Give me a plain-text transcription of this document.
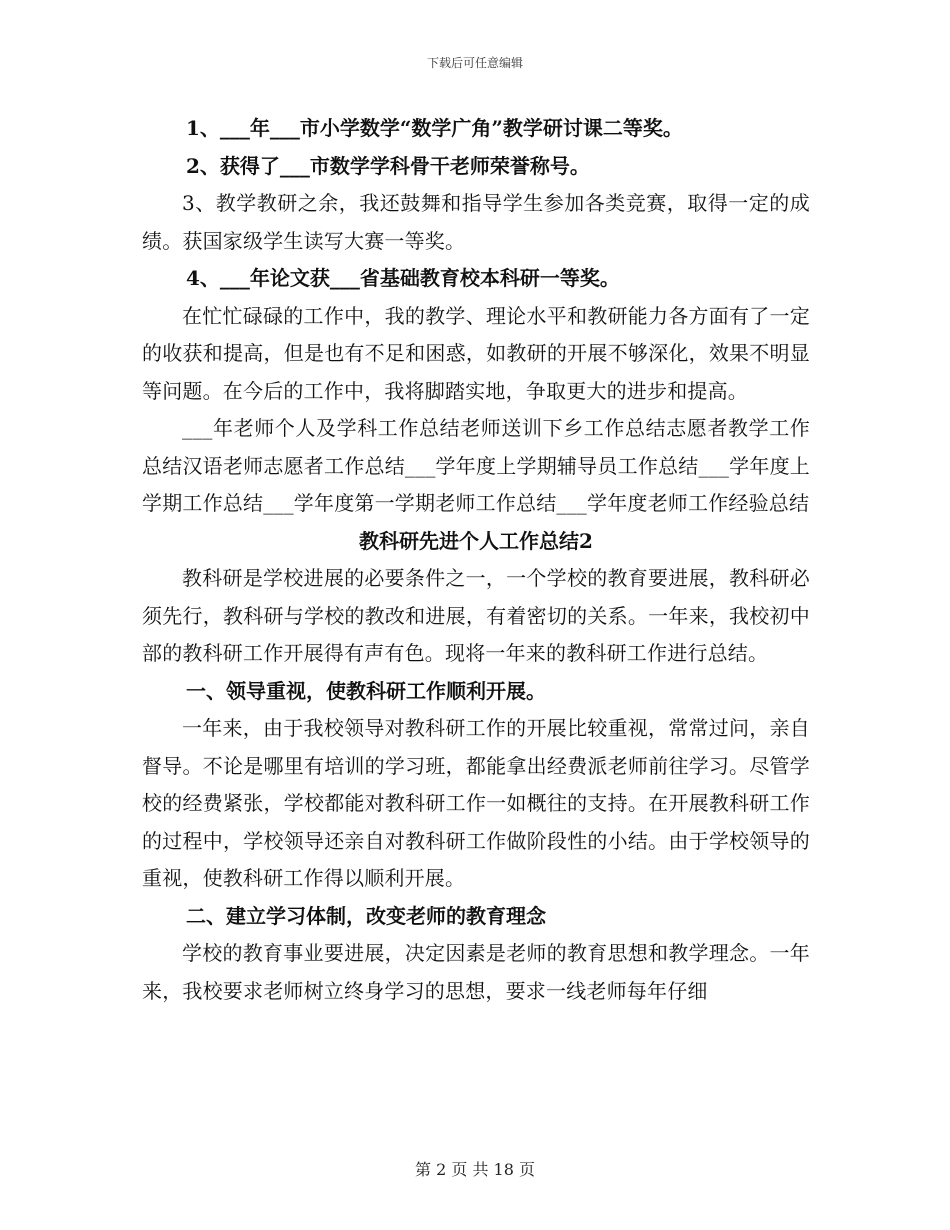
下载后可任意编辑
1、___年___市小学数学“数学广角”教学研讨课二等奖。
2、获得了___市数学学科骨干老师荣誉称号。

3、教学教研之余，我还鼓舞和指导学生参加各类竞赛，取得一定的成绩。获国家级学生读写大赛一等奖。

4、___年论文获___省基础教育校本科研一等奖。

在忙忙碌碌的工作中，我的教学、理论水平和教研能力各方面有了一定的收获和提高，但是也有不足和困惑，如教研的开展不够深化，效果不明显等问题。在今后的工作中，我将脚踏实地，争取更大的进步和提高。

___年老师个人及学科工作总结老师送训下乡工作总结志愿者教学工作总结汉语老师志愿者工作总结___学年度上学期辅导员工作总结___学年度上学期工作总结___学年度第一学期老师工作总结___学年度老师工作经验总结

教科研先进个人工作总结2

教科研是学校进展的必要条件之一，一个学校的教育要进展，教科研必须先行，教科研与学校的教改和进展，有着密切的关系。一年来，我校初中部的教科研工作开展得有声有色。现将一年来的教科研工作进行总结。

一、领导重视，使教科研工作顺利开展。

一年来，由于我校领导对教科研工作的开展比较重视，常常过问，亲自督导。不论是哪里有培训的学习班，都能拿出经费派老师前往学习。尽管学校的经费紧张，学校都能对教科研工作一如概往的支持。在开展教科研工作的过程中，学校领导还亲自对教科研工作做阶段性的小结。由于学校领导的重视，使教科研工作得以顺利开展。

二、建立学习体制，改变老师的教育理念

学校的教育事业要进展，决定因素是老师的教育思想和教学理念。一年来，我校要求老师树立终身学习的思想，要求一线老师每年仔细

第 2 页 共 18 页
